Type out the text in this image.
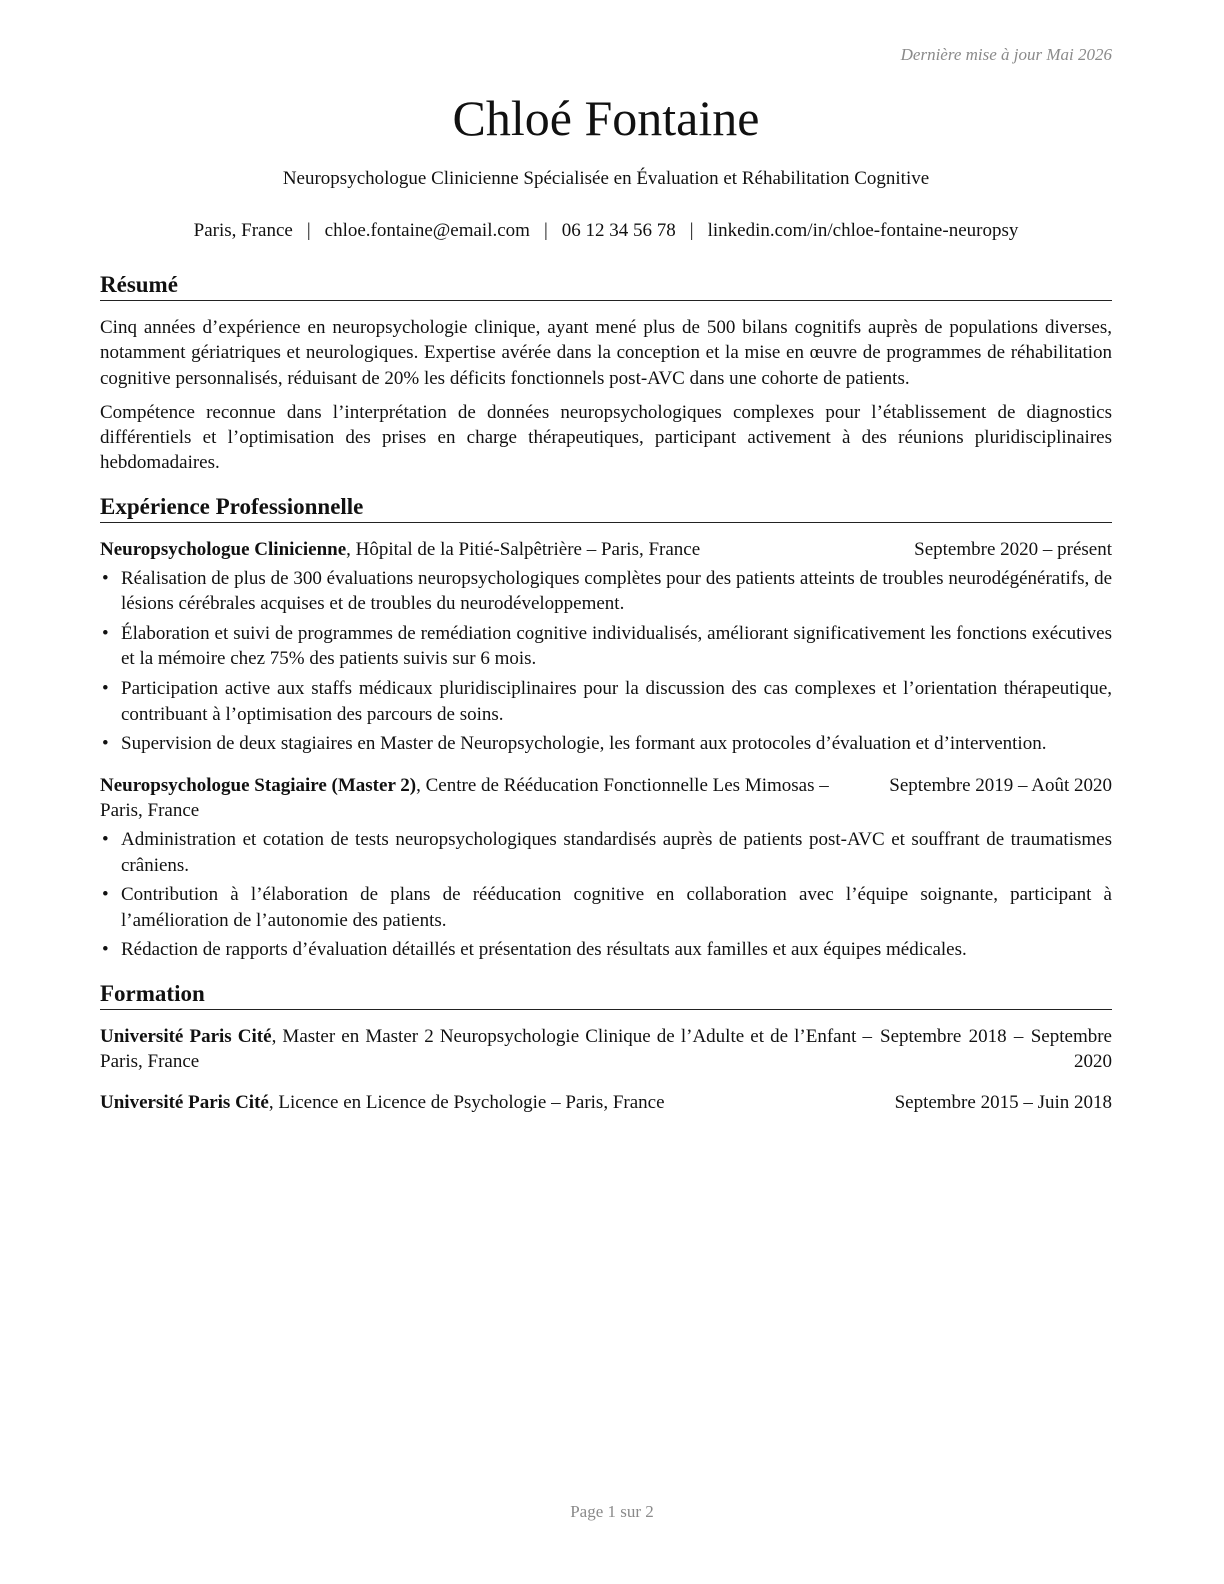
Dernière mise à jour Mai 2026
Chloé Fontaine
Neuropsychologue Clinicienne Spécialisée en Évaluation et Réhabilitation Cognitive
Paris, France | chloe.fontaine@email.com | 06 12 34 56 78 | linkedin.com/in/chloe-fontaine-neuropsy
Résumé

Cinq années d’expérience en neuropsychologie clinique, ayant mené plus de 500 bilans cognitifs auprès de populations diverses, notamment gériatriques et neurologiques. Expertise avérée dans la conception et la mise en œuvre de programmes de réhabilitation cognitive personnalisés, réduisant de 20% les déficits fonctionnels post-AVC dans une cohorte de patients.

Compétence reconnue dans l’interprétation de données neuropsychologiques complexes pour l’établissement de diagnostics différentiels et l’optimisation des prises en charge thérapeutiques, participant activement à des réunions pluridisciplinaires hebdomadaires.

Expérience Professionnelle
Neuropsychologue Clinicienne, Hôpital de la Pitié-Salpêtrière – Paris, France	Septembre 2020 – présent
• Réalisation de plus de 300 évaluations neuropsychologiques complètes pour des patients atteints de troubles neurodégénératifs, de lésions cérébrales acquises et de troubles du neurodéveloppement.
• Élaboration et suivi de programmes de remédiation cognitive individualisés, améliorant significativement les fonctions exécutives et la mémoire chez 75% des patients suivis sur 6 mois.
• Participation active aux staffs médicaux pluridisciplinaires pour la discussion des cas complexes et l’orientation thérapeutique, contribuant à l’optimisation des parcours de soins.
• Supervision de deux stagiaires en Master de Neuropsychologie, les formant aux protocoles d’évaluation et d’intervention.
Neuropsychologue Stagiaire (Master 2), Centre de Rééducation Fonctionnelle Les Mimosas – Paris, France
Septembre 2019 – Août 2020
• Administration et cotation de tests neuropsychologiques standardisés auprès de patients post-AVC et souffrant de traumatismes crâniens.
• Contribution à l’élaboration de plans de rééducation cognitive en collaboration avec l’équipe soignante, participant à l’amélioration de l’autonomie des patients.
• Rédaction de rapports d’évaluation détaillés et présentation des résultats aux familles et aux équipes médicales.
Formation
Université Paris Cité, Master en Master 2 Neuropsychologie Clinique de l’Adulte et de l’Enfant – Paris, France
Septembre 2018 – Septembre 2020
Université Paris Cité, Licence en Licence de Psychologie – Paris, France	Septembre 2015 – Juin 2018
Page 1 sur 2
